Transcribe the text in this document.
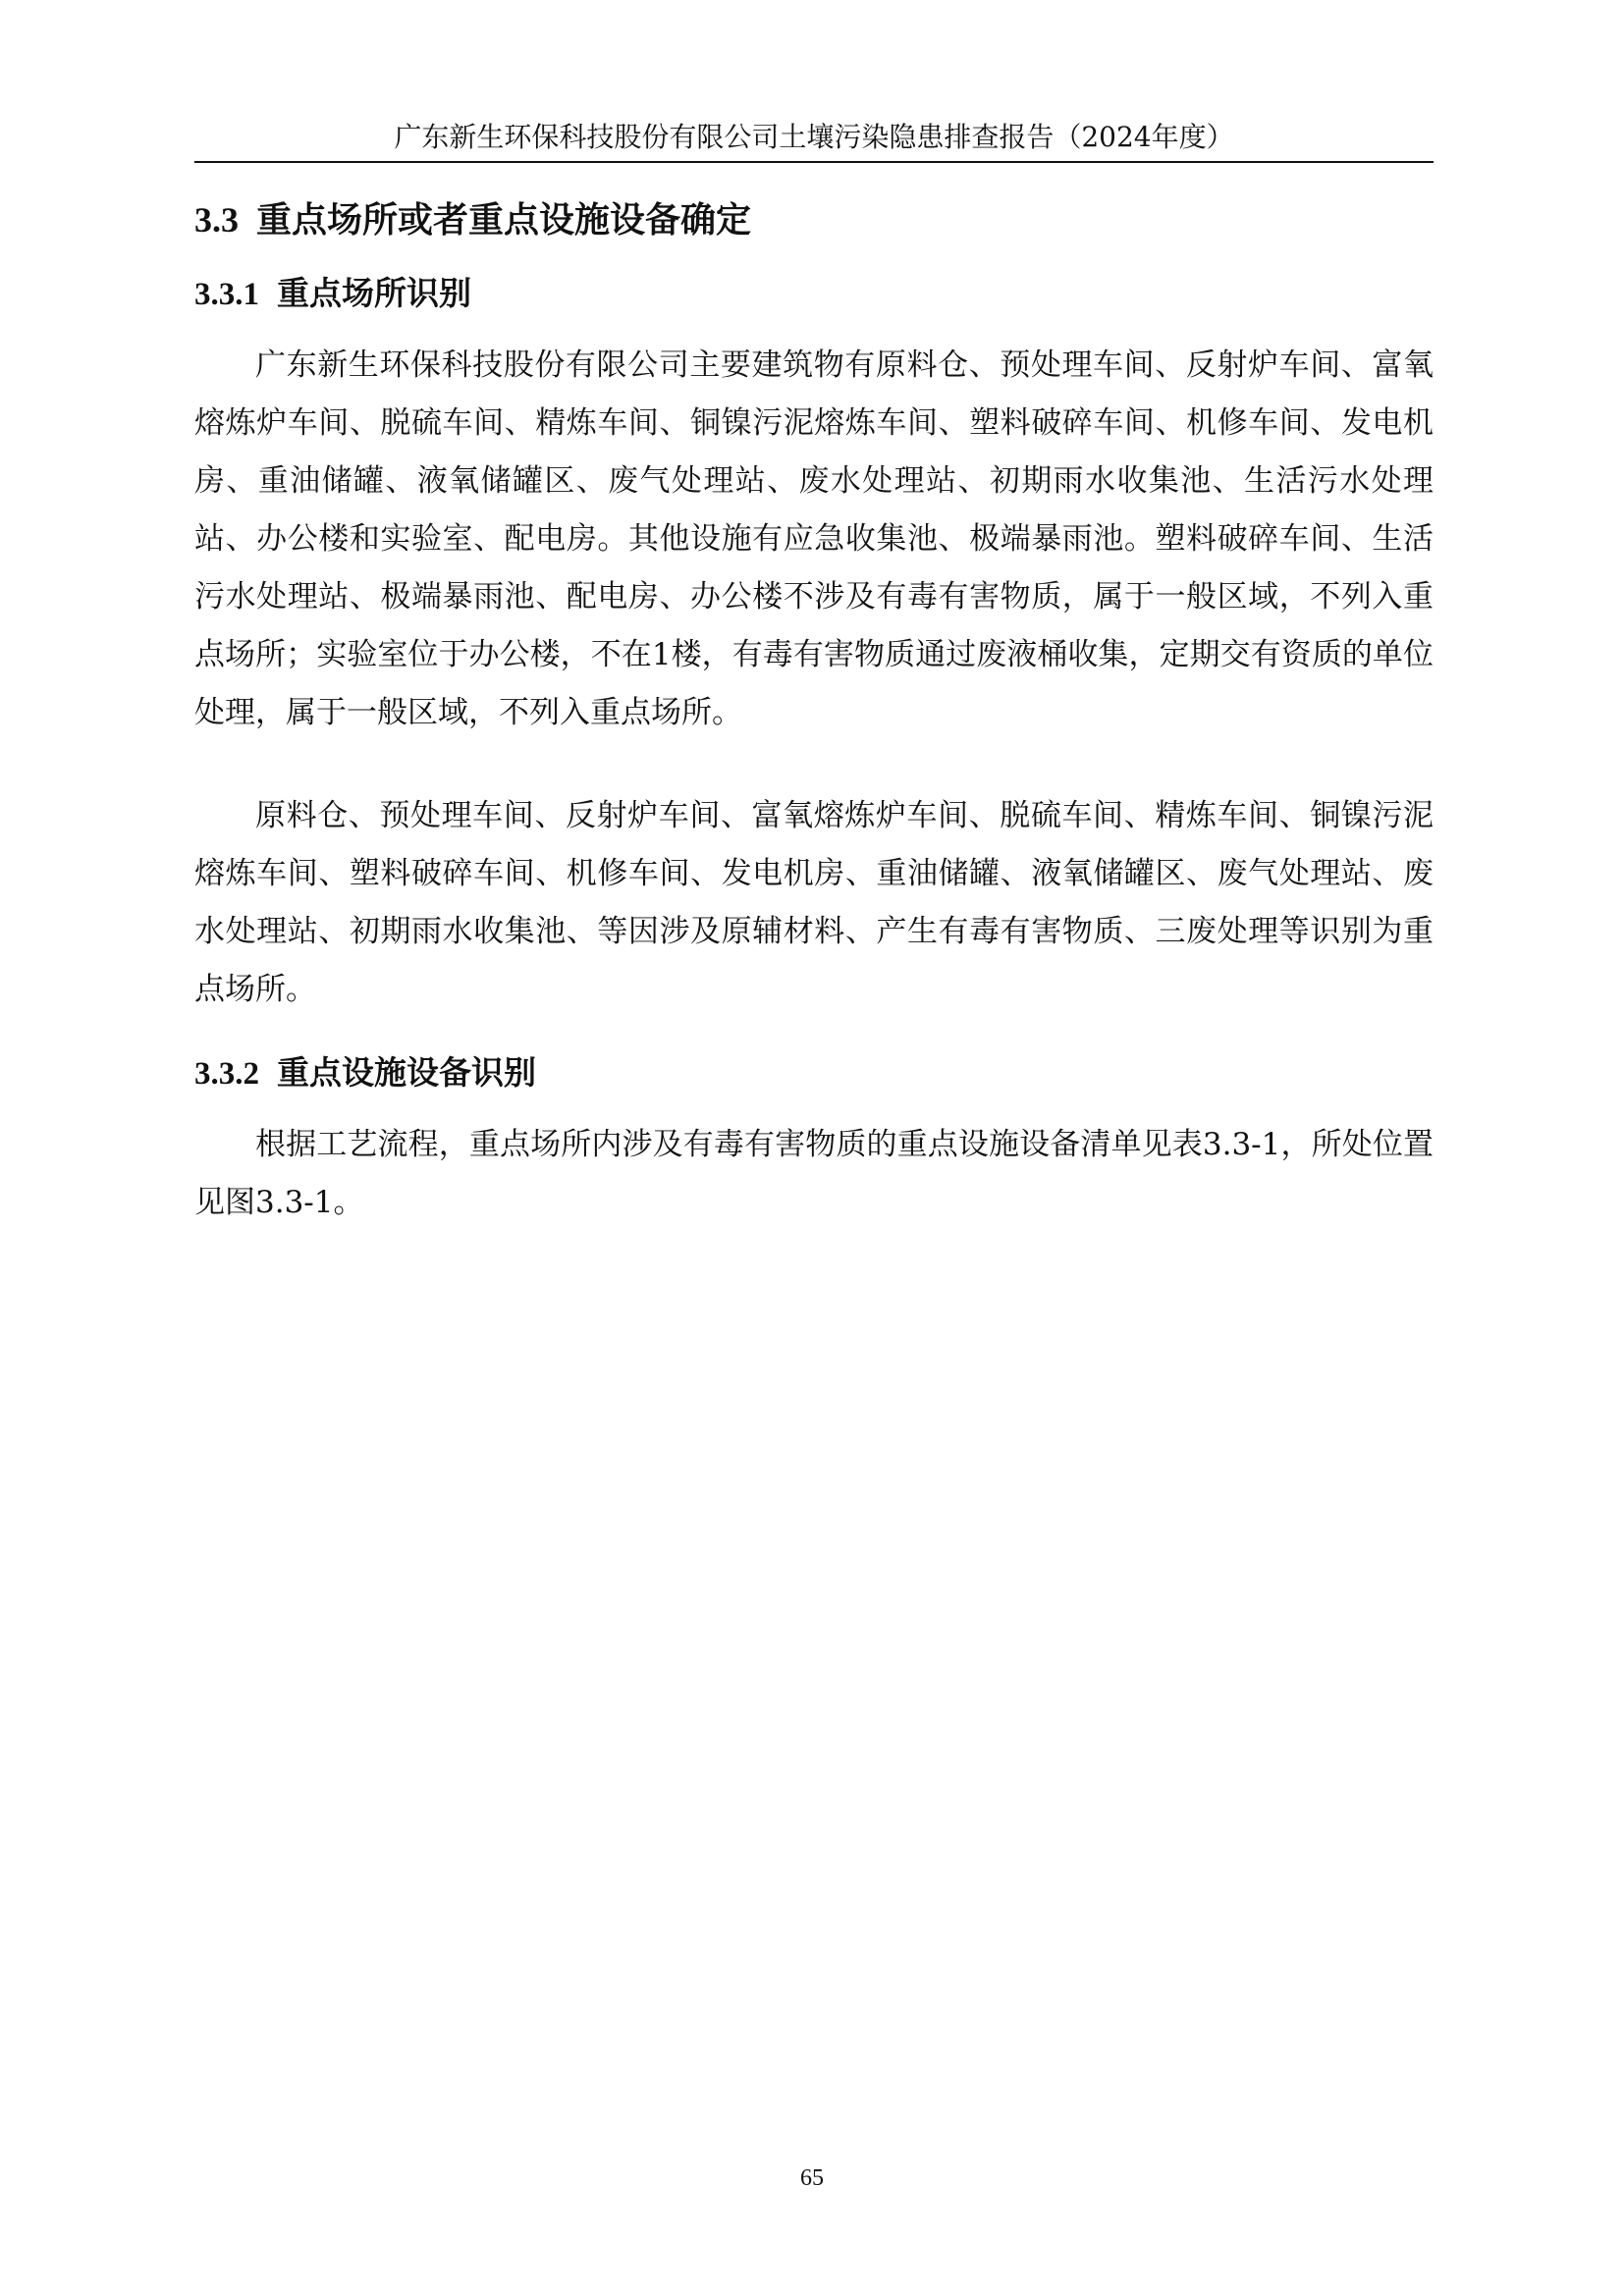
广东新生环保科技股份有限公司土壤污染隐患排查报告（2024年度）
3.3 重点场所或者重点设施设备确定
3.3.1 重点场所识别

广东新生环保科技股份有限公司主要建筑物有原料仓、预处理车间、反射炉车间、富氧熔炼炉车间、脱硫车间、精炼车间、铜镍污泥熔炼车间、塑料破碎车间、机修车间、发电机房、重油储罐、液氧储罐区、废气处理站、废水处理站、初期雨水收集池、生活污水处理站、办公楼和实验室、配电房。其他设施有应急收集池、极端暴雨池。塑料破碎车间、生活污水处理站、极端暴雨池、配电房、办公楼不涉及有毒有害物质，属于一般区域，不列入重点场所；实验室位于办公楼，不在1楼，有毒有害物质通过废液桶收集，定期交有资质的单位处理，属于一般区域，不列入重点场所。

原料仓、预处理车间、反射炉车间、富氧熔炼炉车间、脱硫车间、精炼车间、铜镍污泥熔炼车间、塑料破碎车间、机修车间、发电机房、重油储罐、液氧储罐区、废气处理站、废水处理站、初期雨水收集池、等因涉及原辅材料、产生有毒有害物质、三废处理等识别为重点场所。

3.3.2 重点设施设备识别

根据工艺流程，重点场所内涉及有毒有害物质的重点设施设备清单见表3.3-1，所处位置见图3.3-1。

65
